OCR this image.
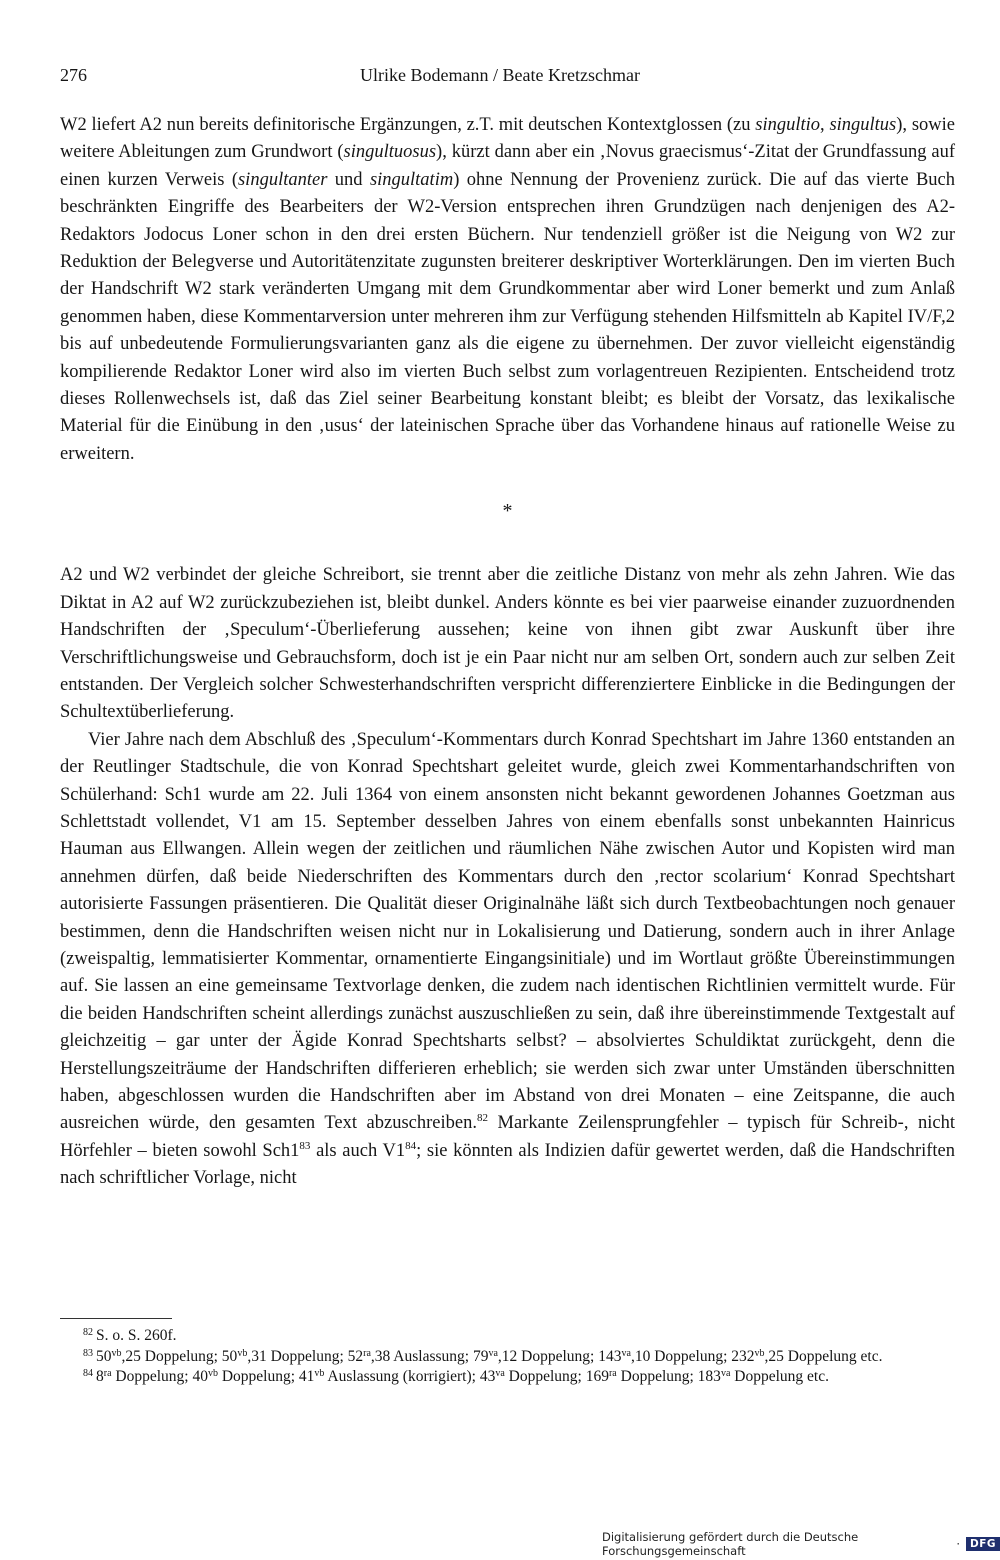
276	Ulrike Bodemann / Beate Kretzschmar

W2 liefert A2 nun bereits definitorische Ergänzungen, z.T. mit deutschen Kontextglossen (zu singultio, singultus), sowie weitere Ableitungen zum Grundwort (singultuosus), kürzt dann aber ein ‚Novus graecismus‘-Zitat der Grundfassung auf einen kurzen Verweis (singultanter und singultatim) ohne Nennung der Provenienz zurück. Die auf das vierte Buch beschränkten Eingriffe des Bearbeiters der W2-Version entsprechen ihren Grundzügen nach denjenigen des A2-Redaktors Jodocus Loner schon in den drei ersten Büchern. Nur tendenziell größer ist die Neigung von W2 zur Reduktion der Belegverse und Autoritätenzitate zugunsten breiterer deskriptiver Worterklärungen. Den im vierten Buch der Handschrift W2 stark veränderten Umgang mit dem Grundkommentar aber wird Loner bemerkt und zum Anlaß genommen haben, diese Kommentarversion unter mehreren ihm zur Verfügung stehenden Hilfsmitteln ab Kapitel IV/F,2 bis auf unbedeutende Formulierungsvarianten ganz als die eigene zu übernehmen. Der zuvor vielleicht eigenständig kompilierende Redaktor Loner wird also im vierten Buch selbst zum vorlagentreuen Rezipienten. Entscheidend trotz dieses Rollenwechsels ist, daß das Ziel seiner Bearbeitung konstant bleibt; es bleibt der Vorsatz, das lexikalische Material für die Einübung in den ‚usus‘ der lateinischen Sprache über das Vorhandene hinaus auf rationelle Weise zu erweitern.

*

A2 und W2 verbindet der gleiche Schreibort, sie trennt aber die zeitliche Distanz von mehr als zehn Jahren. Wie das Diktat in A2 auf W2 zurückzubeziehen ist, bleibt dunkel. Anders könnte es bei vier paarweise einander zuzuordnenden Handschriften der ‚Speculum‘-Überlieferung aussehen; keine von ihnen gibt zwar Auskunft über ihre Verschriftlichungsweise und Gebrauchsform, doch ist je ein Paar nicht nur am selben Ort, sondern auch zur selben Zeit entstanden. Der Vergleich solcher Schwesterhandschriften verspricht differenziertere Einblicke in die Bedingungen der Schultextüberlieferung.

Vier Jahre nach dem Abschluß des ‚Speculum‘-Kommentars durch Konrad Spechtshart im Jahre 1360 entstanden an der Reutlinger Stadtschule, die von Konrad Spechtshart geleitet wurde, gleich zwei Kommentarhandschriften von Schülerhand: Sch1 wurde am 22. Juli 1364 von einem ansonsten nicht bekannt gewordenen Johannes Goetzman aus Schlettstadt vollendet, V1 am 15. September desselben Jahres von einem ebenfalls sonst unbekannten Hainricus Hauman aus Ellwangen. Allein wegen der zeitlichen und räumlichen Nähe zwischen Autor und Kopisten wird man annehmen dürfen, daß beide Niederschriften des Kommentars durch den ‚rector scolarium‘ Konrad Spechtshart autorisierte Fassungen präsentieren. Die Qualität dieser Originalnähe läßt sich durch Textbeobachtungen noch genauer bestimmen, denn die Handschriften weisen nicht nur in Lokalisierung und Datierung, sondern auch in ihrer Anlage (zweispaltig, lemmatisierter Kommentar, ornamentierte Eingangsinitiale) und im Wortlaut größte Übereinstimmungen auf. Sie lassen an eine gemeinsame Textvorlage denken, die zudem nach identischen Richtlinien vermittelt wurde. Für die beiden Handschriften scheint allerdings zunächst auszuschließen zu sein, daß ihre übereinstimmende Textgestalt auf gleichzeitig – gar unter der Ägide Konrad Spechtsharts selbst? – absolviertes Schuldiktat zurückgeht, denn die Herstellungszeiträume der Handschriften differieren erheblich; sie werden sich zwar unter Umständen überschnitten haben, abgeschlossen wurden die Handschriften aber im Abstand von drei Monaten – eine Zeitspanne, die auch ausreichen würde, den gesamten Text abzuschreiben.$^{82}$ Markante Zeilensprungfehler – typisch für Schreib-, nicht Hörfehler – bieten sowohl Sch1$^{83}$ als auch V1$^{84}$; sie könnten als Indizien dafür gewertet werden, daß die Handschriften nach schriftlicher Vorlage, nicht

$^{82}$ S. o. S. 260f.

$^{83}$ $50^{vb},25$ Doppelung; $50^{vb},31$ Doppelung; $52^{ra},38$ Auslassung; $79^{va},12$ Doppelung; $143^{va},10$ Doppelung; $232^{vb},25$ Doppelung etc.

$^{84}$ $8^{ra}$ Doppelung; $40^{vb}$ Doppelung; $41^{vb}$ Auslassung (korrigiert); $43^{va}$ Doppelung; $169^{ra}$ Doppelung; $183^{va}$ Doppelung etc.

Digitalisierung gefördert durch die Deutsche Forschungsgemeinschaft	· DFG
